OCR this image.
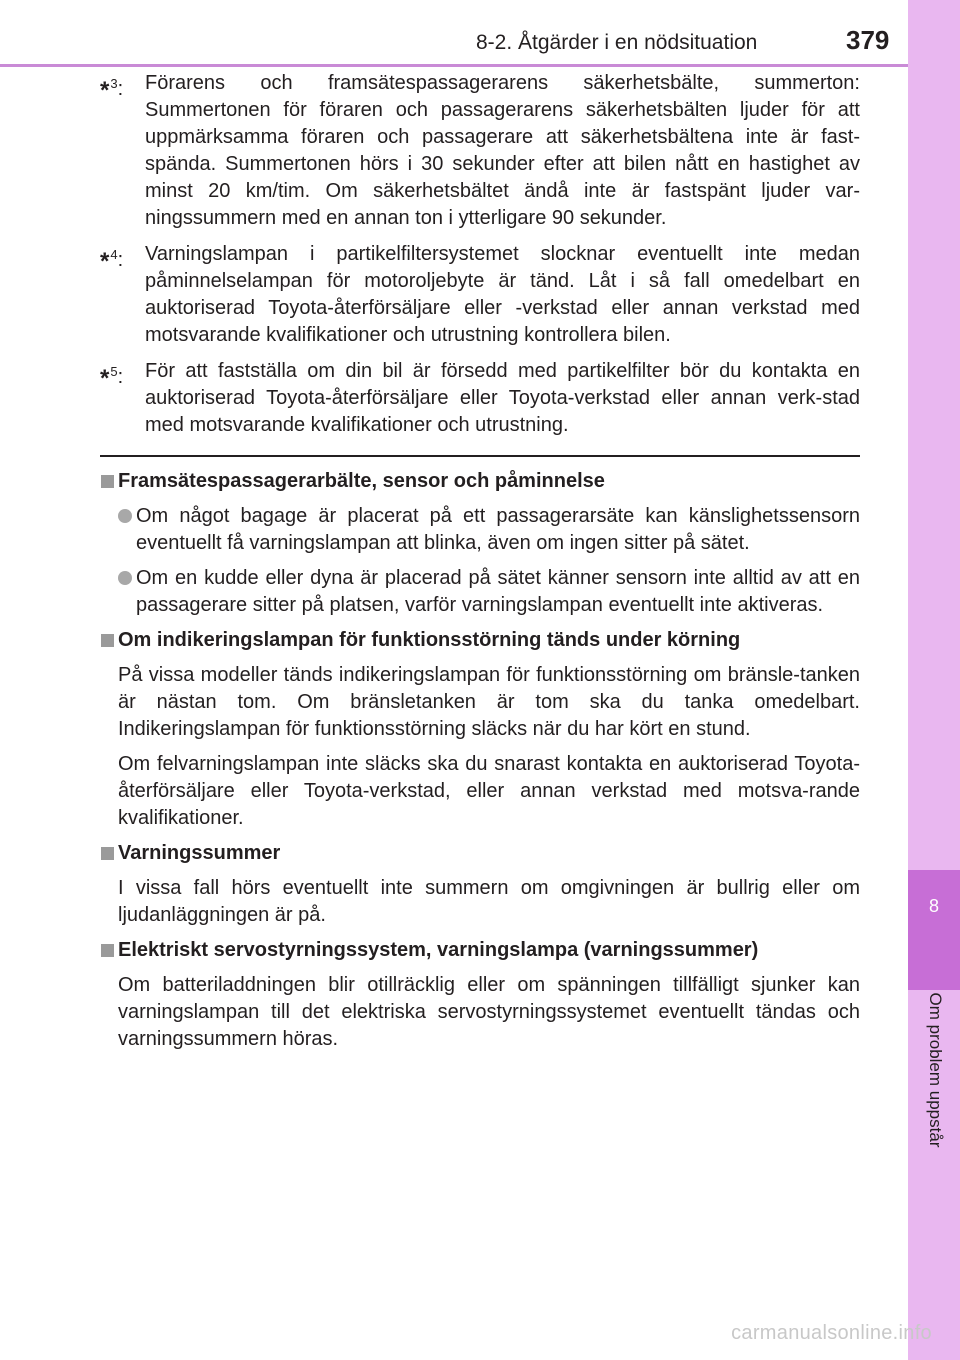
8-2. Åtgärder i en nödsituation	379
8
Om problem uppstår
*$^3$:	Förarens och framsätespassagerarens säkerhetsbälte, summerton: Summertonen för föraren och passagerarens säkerhetsbälten ljuder för att uppmärksamma föraren och passagerare att säkerhetsbältena inte är fast-spända. Summertonen hörs i 30 sekunder efter att bilen nått en hastighet av minst 20 km/tim. Om säkerhetsbältet ändå inte är fastspänt ljuder var-ningssummern med en annan ton i ytterligare 90 sekunder.
*$^4$:	Varningslampan i partikelfiltersystemet slocknar eventuellt inte medan påminnelselampan för motoroljebyte är tänd. Låt i så fall omedelbart en auktoriserad Toyota-återförsäljare eller -verkstad eller annan verkstad med motsvarande kvalifikationer och utrustning kontrollera bilen.
*$^5$:	För att fastställa om din bil är försedd med partikelfilter bör du kontakta en auktoriserad Toyota-återförsäljare eller Toyota-verkstad eller annan verk-stad med motsvarande kvalifikationer och utrustning.
Framsätespassagerarbälte, sensor och påminnelse
Om något bagage är placerat på ett passagerarsäte kan känslighetssensorn eventuellt få varningslampan att blinka, även om ingen sitter på sätet.
Om en kudde eller dyna är placerad på sätet känner sensorn inte alltid av att en passagerare sitter på platsen, varför varningslampan eventuellt inte aktiveras.
Om indikeringslampan för funktionsstörning tänds under körning
På vissa modeller tänds indikeringslampan för funktionsstörning om bränsle-tanken är nästan tom. Om bränsletanken är tom ska du tanka omedelbart. Indikeringslampan för funktionsstörning släcks när du har kört en stund.
Om felvarningslampan inte släcks ska du snarast kontakta en auktoriserad Toyota-återförsäljare eller Toyota-verkstad, eller annan verkstad med motsva-rande kvalifikationer.
Varningssummer
I vissa fall hörs eventuellt inte summern om omgivningen är bullrig eller om ljudanläggningen är på.
Elektriskt servostyrningssystem, varningslampa (varningssummer)
Om batteriladdningen blir otillräcklig eller om spänningen tillfälligt sjunker kan varningslampan till det elektriska servostyrningssystemet eventuellt tändas och varningssummern höras.
carmanualsonline.info
